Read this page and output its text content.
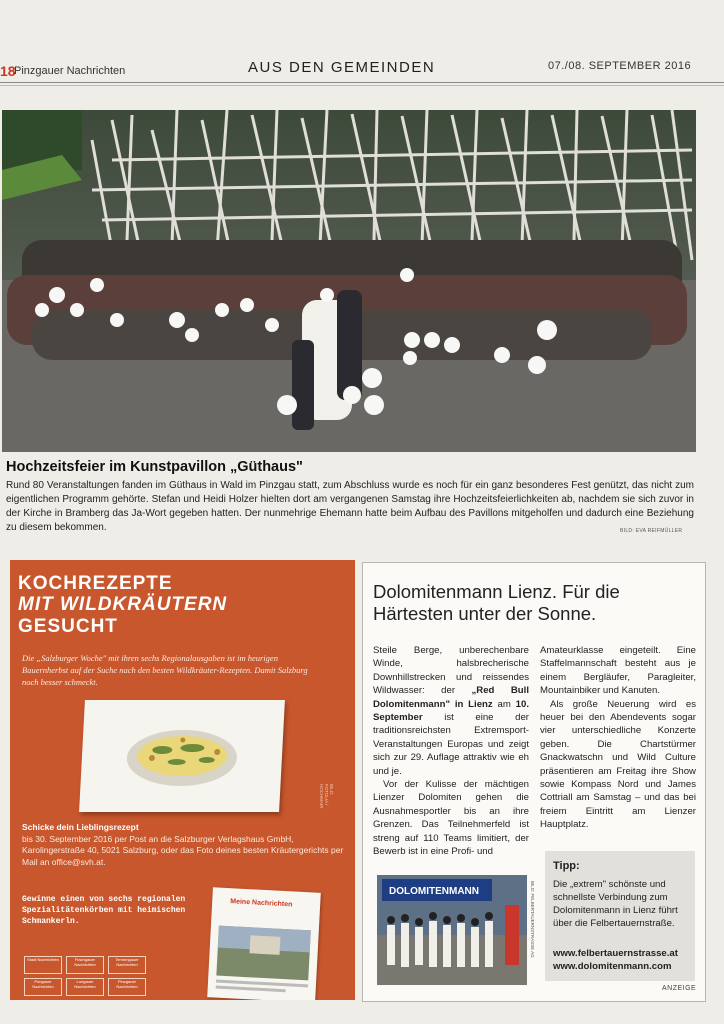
18
Pinzgauer Nachrichten	AUS DEN GEMEINDEN	07./08. SEPTEMBER 2016
Hochzeitsfeier im Kunstpavillon „Güthaus"
Rund 80 Veranstaltungen fanden im Güthaus in Wald im Pinzgau statt, zum Abschluss wurde es noch für ein ganz besonderes Fest genützt, das nicht zum eigentlichen Programm gehörte. Stefan und Heidi Holzer hielten dort am vergangenen Samstag ihre Hochzeitsfeierlichkeiten ab, nachdem sie sich zuvor in der Kirche in Bramberg das Ja-Wort gegeben hatten. Der nunmehrige Ehemann hatte beim Aufbau des Pavillons mitgeholfen und dadurch eine Beziehung zu diesem bekommen.	BILD: EVA REIFMÜLLER
KOCHREZEPTE
MIT WILDKRÄUTERN
GESUCHT
Die „Salzburger Woche" mit ihren sechs Regionalausgaben ist im heurigen Bauernherbst auf der Suche nach den besten Wildkräuter-Rezepten. Damit Salzburg noch besser schmeckt.
BILD: FOTOLIA / HOCHMAIR
Schicke dein Lieblingsrezept
bis 30. September 2016 per Post an die Salzburger Verlagshaus GmbH, Karolingerstraße 40, 5021 Salzburg, oder das Foto deines besten Kräutergerichts per Mail an office@svh.at.
Gewinne einen von sechs regionalen Spezialitätenkörben mit heimischen Schmankerln.
Stadt Nachrichten	Flachgauer NachrichtenTennengauer NachrichtenPongauer NachrichtenLungauer NachrichtenPinzgauer Nachrichten
Meine Nachrichten
Dolomitenmann Lienz. Für die Härtesten unter der Sonne.

Steile Berge, unberechenbare Winde, halsbrecherische Downhillstrecken und reissendes Wildwasser: der „Red Bull Dolomitenmann" in Lienz am 10. September ist eine der traditionsreichsten Extremsport-Veranstaltungen Europas und zeigt sich zur 29. Auflage attraktiv wie eh und je.

Vor der Kulisse der mächtigen Lienzer Dolomiten gehen die Ausnahmesportler bis an ihre Grenzen. Das Teilnehmerfeld ist streng auf 110 Teams limitiert, der Bewerb ist in eine Profi- und

Amateurklasse eingeteilt. Eine Staffelmannschaft besteht aus je einem Bergläufer, Paragleiter, Mountainbiker und Kanuten.

Als große Neuerung wird es heuer bei den Abendevents sogar vier unterschiedliche Konzerte geben. Die Chartstürmer Gnackwatschn und Wild Culture präsentieren am Freitag ihre Show sowie Kompass Nord und James Cottriall am Samstag – und das bei freiem Eintritt am Lienzer Hauptplatz.

DOLOMITENMANN	BILD: FELBERTAUERNSTRASSE AG
Tipp:
Die „extrem" schönste und schnellste Verbindung zum Dolomitenmann in Lienz führt über die Felbertauernstraße.
www.felbertauernstrasse.at
www.dolomitenmann.com
ANZEIGE
